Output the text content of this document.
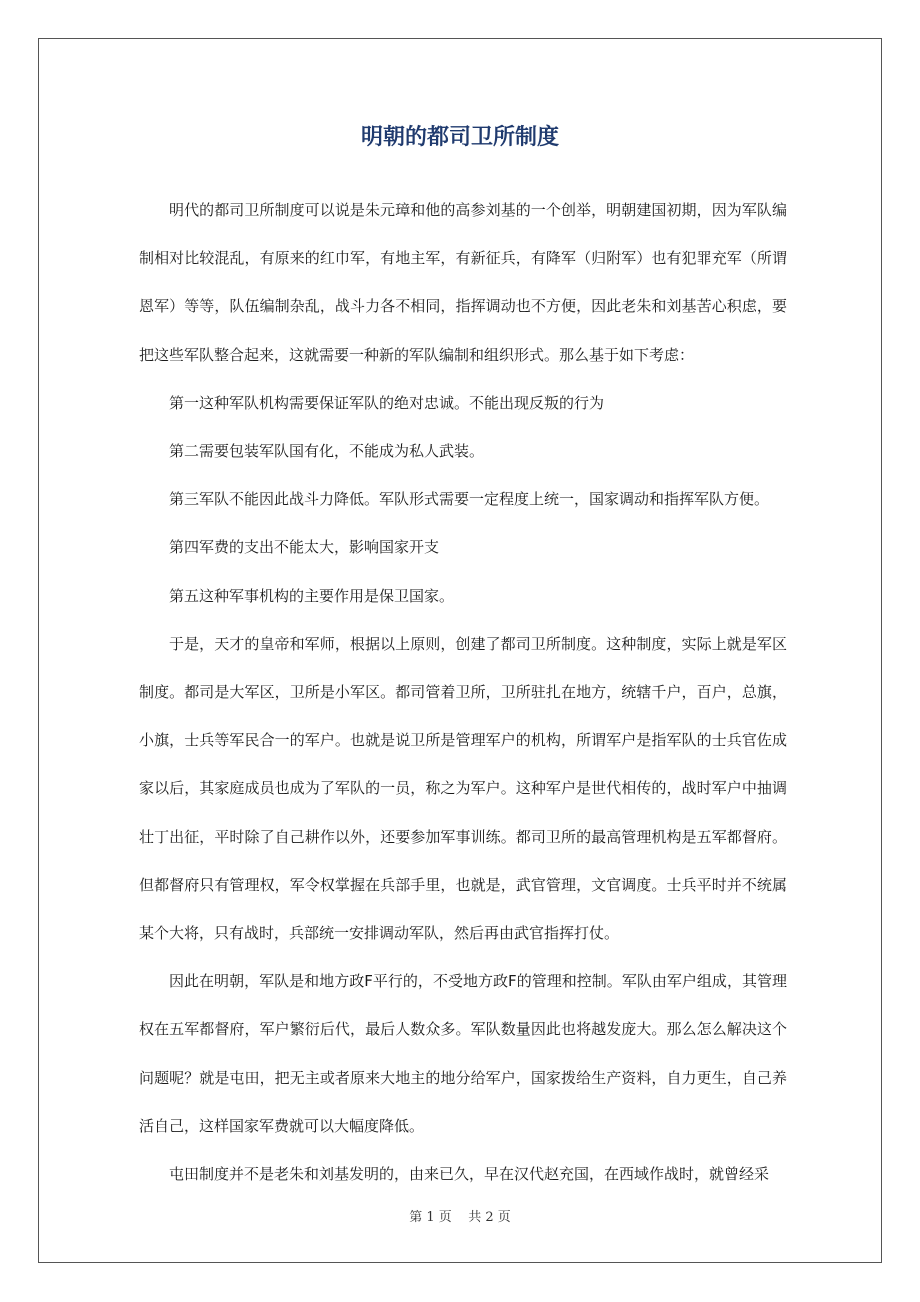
明朝的都司卫所制度

明代的都司卫所制度可以说是朱元璋和他的高参刘基的一个创举，明朝建国初期，因为军队编制相对比较混乱，有原来的红巾军，有地主军，有新征兵，有降军（归附军）也有犯罪充军（所谓恩军）等等，队伍编制杂乱，战斗力各不相同，指挥调动也不方便，因此老朱和刘基苦心积虑，要把这些军队整合起来，这就需要一种新的军队编制和组织形式。那么基于如下考虑：

第一这种军队机构需要保证军队的绝对忠诚。不能出现反叛的行为

第二需要包装军队国有化，不能成为私人武装。

第三军队不能因此战斗力降低。军队形式需要一定程度上统一，国家调动和指挥军队方便。

第四军费的支出不能太大，影响国家开支

第五这种军事机构的主要作用是保卫国家。

于是，天才的皇帝和军师，根据以上原则，创建了都司卫所制度。这种制度，实际上就是军区制度。都司是大军区，卫所是小军区。都司管着卫所，卫所驻扎在地方，统辖千户，百户，总旗，小旗，士兵等军民合一的军户。也就是说卫所是管理军户的机构，所谓军户是指军队的士兵官佐成家以后，其家庭成员也成为了军队的一员，称之为军户。这种军户是世代相传的，战时军户中抽调壮丁出征，平时除了自己耕作以外，还要参加军事训练。都司卫所的最高管理机构是五军都督府。但都督府只有管理权，军令权掌握在兵部手里，也就是，武官管理，文官调度。士兵平时并不统属某个大将，只有战时，兵部统一安排调动军队，然后再由武官指挥打仗。

因此在明朝，军队是和地方政F平行的，不受地方政F的管理和控制。军队由军户组成，其管理权在五军都督府，军户繁衍后代，最后人数众多。军队数量因此也将越发庞大。那么怎么解决这个问题呢？就是屯田，把无主或者原来大地主的地分给军户，国家拨给生产资料，自力更生，自己养活自己，这样国家军费就可以大幅度降低。

屯田制度并不是老朱和刘基发明的，由来已久，早在汉代赵充国，在西域作战时，就曾经采

第 1 页    共 2 页
